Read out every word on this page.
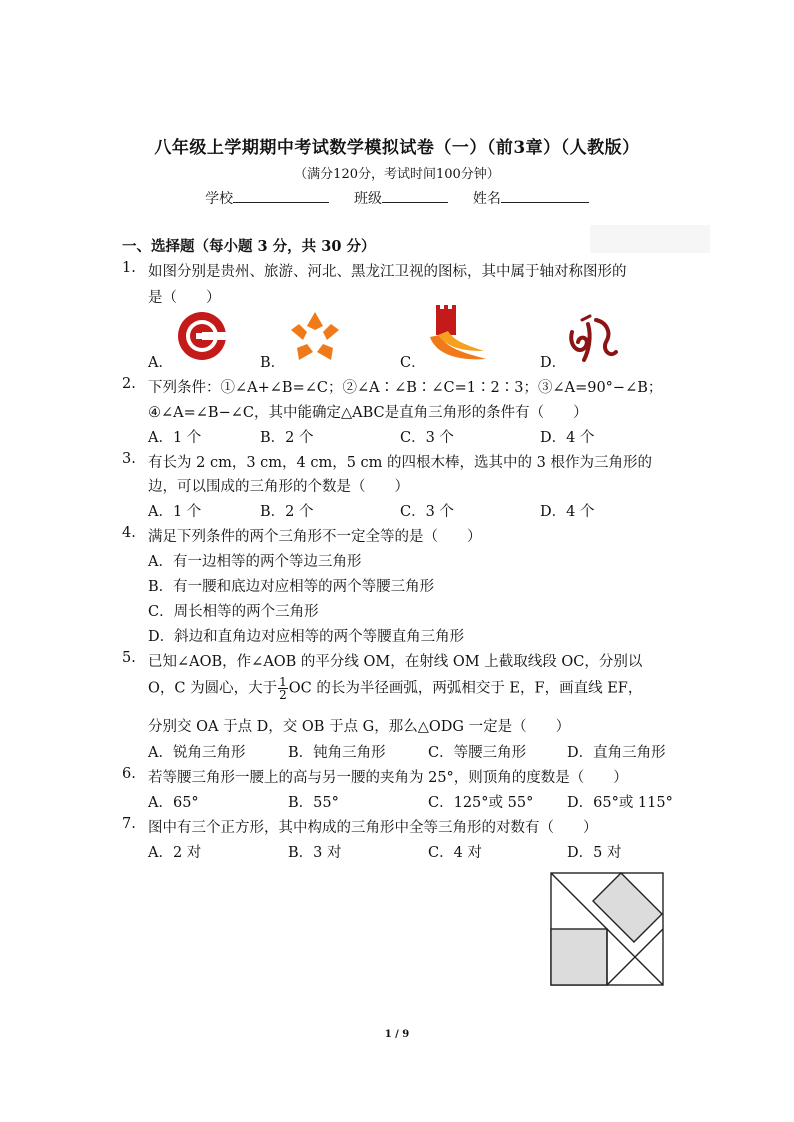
八年级上学期期中考试数学模拟试卷（一）（前3章）（人教版）
（满分120分，考试时间100分钟）
学校	班级	姓名
一、选择题（每小题 3 分，共 30 分）
1. 如图分别是贵州、旅游、河北、黑龙江卫视的图标，其中属于轴对称图形的
是（　　）
A．	B．	C．	D．
2. 下列条件：①∠A+∠B=∠C；②∠A∶∠B∶∠C=1∶2∶3；③∠A=90°−∠B；
④∠A=∠B−∠C，其中能确定△ABC是直角三角形的条件有（　　）
A．1 个	B．2 个	C．3 个	D．4 个
3. 有长为 2 cm，3 cm，4 cm，5 cm 的四根木棒，选其中的 3 根作为三角形的
边，可以围成的三角形的个数是（　　）
A．1 个	B．2 个	C．3 个	D．4 个
4. 满足下列条件的两个三角形不一定全等的是（　　）
A．有一边相等的两个等边三角形
B．有一腰和底边对应相等的两个等腰三角形
C．周长相等的两个三角形
D．斜边和直角边对应相等的两个等腰直角三角形
5. 已知∠AOB，作∠AOB 的平分线 OM，在射线 OM 上截取线段 OC，分别以
O，C 为圆心，大于 $\frac{1}{2}$ OC 的长为半径画弧，两弧相交于 E，F，画直线 EF，
分别交 OA 于点 D，交 OB 于点 G，那么△ODG 一定是（　　）
A．锐角三角形	B．钝角三角形	C．等腰三角形	D．直角三角形
6. 若等腰三角形一腰上的高与另一腰的夹角为 25°，则顶角的度数是（　　）
A．65°	B．55°	C．125°或 55° D．65°或 115°
7. 图中有三个正方形，其中构成的三角形中全等三角形的对数有（　　）
A．2 对	B．3 对	C．4 对	D．5 对
1 / 9
